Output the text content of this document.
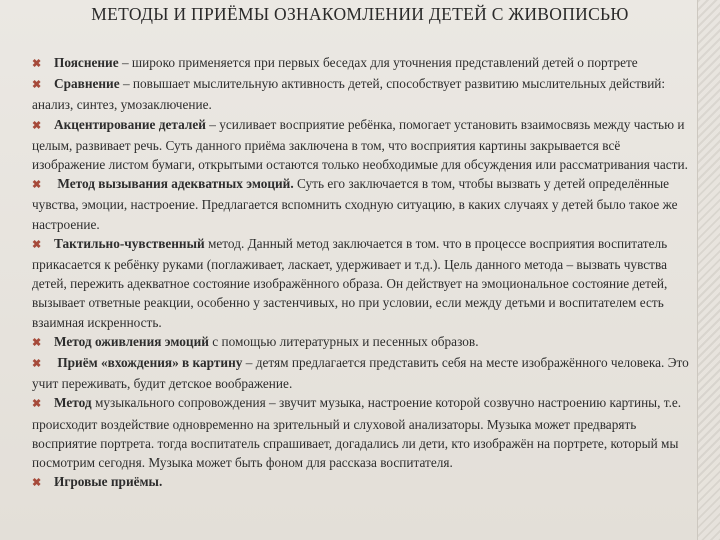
МЕТОДЫ И ПРИЁМЫ ОЗНАКОМЛЕНИИ ДЕТЕЙ С ЖИВОПИСЬЮ

✖ Пояснение – широко применяется при первых беседах для уточнения представлений детей о портрете

✖ Сравнение – повышает мыслительную активность детей, способствует развитию мыслительных действий: анализ, синтез, умозаключение.

✖ Акцентирование деталей – усиливает восприятие ребёнка, помогает установить взаимосвязь между частью и целым, развивает речь. Суть данного приёма заключена в том, что восприятия картины закрывается всё изображение листом бумаги, открытыми остаются только необходимые для обсуждения или рассматривания части.

✖ Метод вызывания адекватных эмоций. Суть его заключается в том, чтобы вызвать у детей определённые чувства, эмоции, настроение. Предлагается вспомнить сходную ситуацию, в каких случаях у детей было такое же настроение.

✖ Тактильно-чувственный метод. Данный метод заключается в том. что в процессе восприятия воспитатель прикасается к ребёнку руками (поглаживает, ласкает, удерживает и т.д.). Цель данного метода – вызвать чувства детей, пережить адекватное состояние изображённого образа. Он действует на эмоциональное состояние детей, вызывает ответные реакции, особенно у застенчивых, но при условии, если между детьми и воспитателем есть взаимная искренность.

✖ Метод оживления эмоций с помощью литературных и песенных образов.

✖ Приём «вхождения» в картину – детям предлагается представить себя на месте изображённого человека. Это учит переживать, будит детское воображение.

✖ Метод музыкального сопровождения – звучит музыка, настроение которой созвучно настроению картины, т.е. происходит воздействие одновременно на зрительный и слуховой анализаторы. Музыка может предварять восприятие портрета. тогда воспитатель спрашивает, догадались ли дети, кто изображён на портрете, который мы посмотрим сегодня. Музыка может быть фоном для рассказа воспитателя.

✖ Игровые приёмы.
